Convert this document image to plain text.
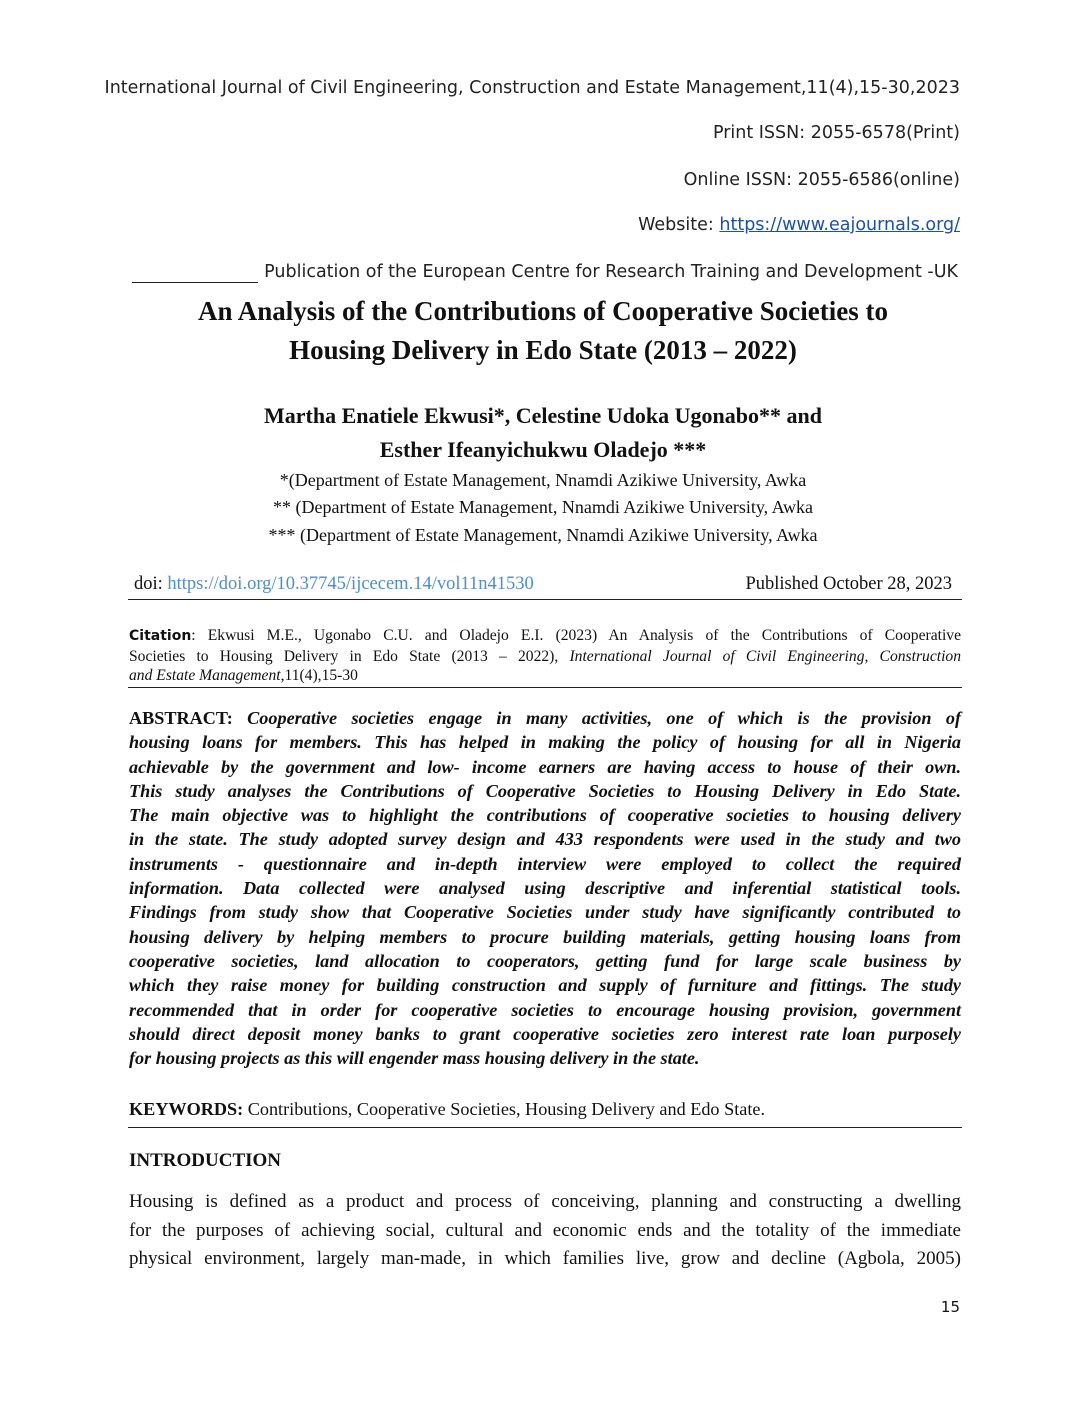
International Journal of Civil Engineering, Construction and Estate Management,11(4),15-30,2023
Print ISSN: 2055-6578(Print)
Online ISSN: 2055-6586(online)
Website: https://www.eajournals.org/
Publication of the European Centre for Research Training and Development -UK
An Analysis of the Contributions of Cooperative Societies to
Housing Delivery in Edo State (2013 – 2022)
Martha Enatiele Ekwusi*, Celestine Udoka Ugonabo** and
Esther Ifeanyichukwu Oladejo ***
*(Department of Estate Management, Nnamdi Azikiwe University, Awka
** (Department of Estate Management, Nnamdi Azikiwe University, Awka
*** (Department of Estate Management, Nnamdi Azikiwe University, Awka
doi: https://doi.org/10.37745/ijcecem.14/vol11n41530	Published October 28, 2023
Citation: Ekwusi M.E., Ugonabo C.U. and Oladejo E.I. (2023) An Analysis of the Contributions of Cooperative
Societies to Housing Delivery in Edo State (2013 – 2022), International Journal of Civil Engineering, Construction
and Estate Management,11(4),15-30
ABSTRACT: Cooperative societies engage in many activities, one of which is the provision of
housing loans for members. This has helped in making the policy of housing for all in Nigeria
achievable by the government and low- income earners are having access to house of their own.
This study analyses the Contributions of Cooperative Societies to Housing Delivery in Edo State.
The main objective was to highlight the contributions of cooperative societies to housing delivery
in the state. The study adopted survey design and 433 respondents were used in the study and two
instruments - questionnaire and in-depth interview were employed to collect the required
information. Data collected were analysed using descriptive and inferential statistical tools.
Findings from study show that Cooperative Societies under study have significantly contributed to
housing delivery by helping members to procure building materials, getting housing loans from
cooperative societies, land allocation to cooperators, getting fund for large scale business by
which they raise money for building construction and supply of furniture and fittings. The study
recommended that in order for cooperative societies to encourage housing provision, government
should direct deposit money banks to grant cooperative societies zero interest rate loan purposely
for housing projects as this will engender mass housing delivery in the state.
KEYWORDS: Contributions, Cooperative Societies, Housing Delivery and Edo State.
INTRODUCTION
Housing is defined as a product and process of conceiving, planning and constructing a dwelling
for the purposes of achieving social, cultural and economic ends and the totality of the immediate
physical environment, largely man-made, in which families live, grow and decline (Agbola, 2005)
15
